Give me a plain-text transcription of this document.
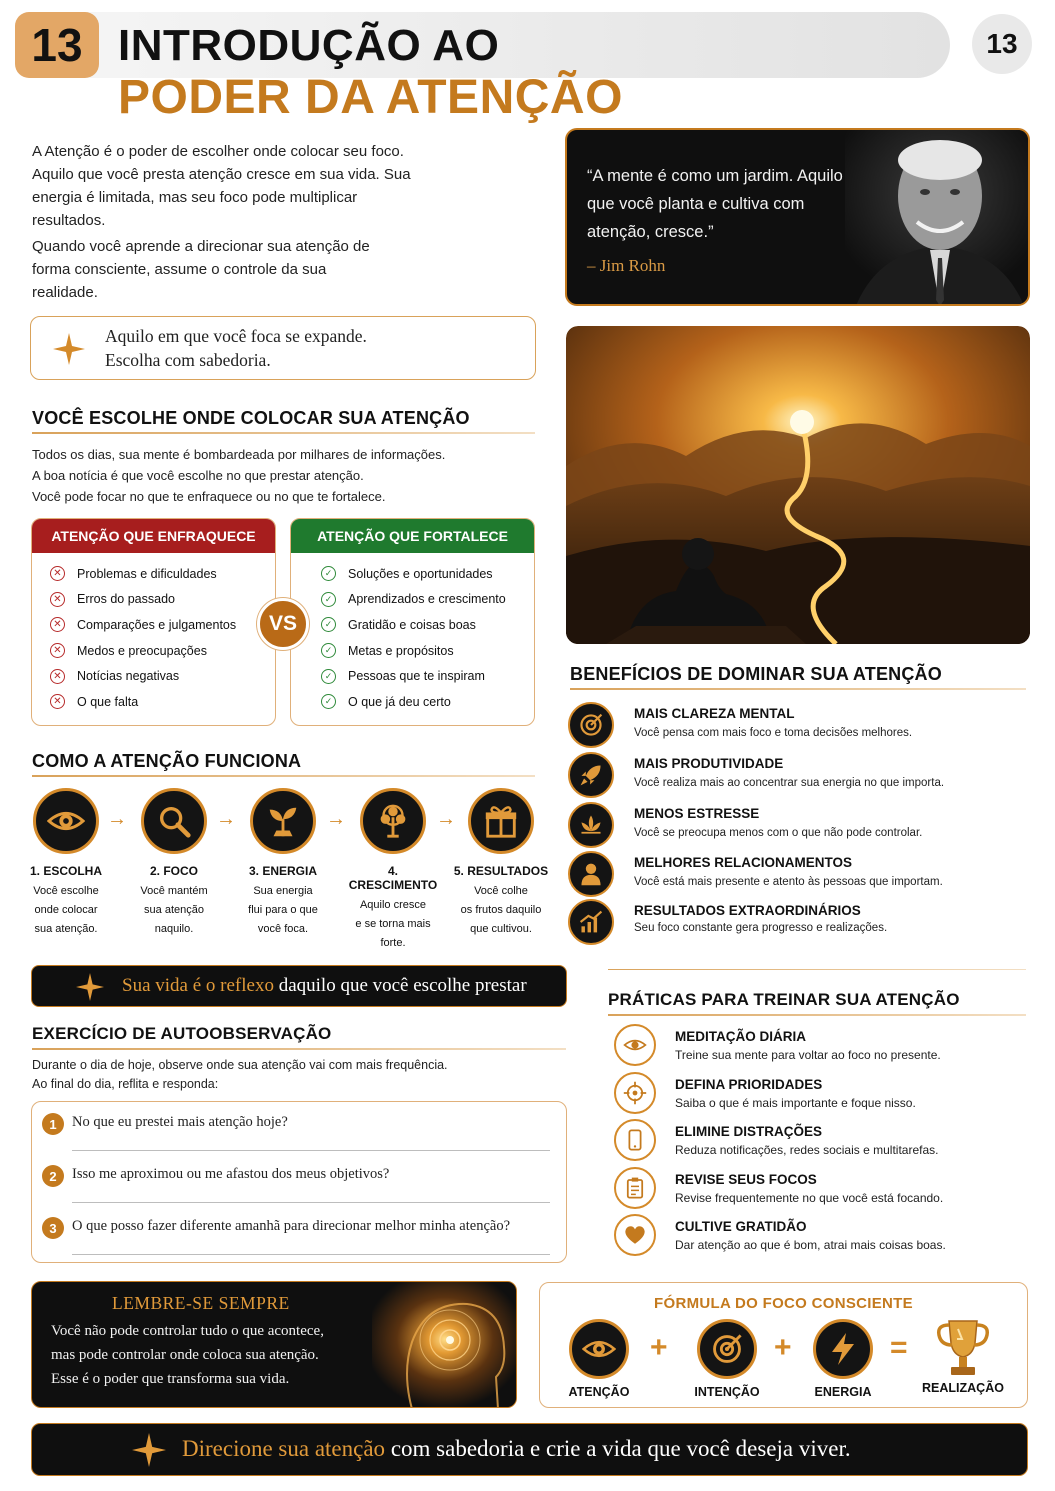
13 INTRODUÇÃO AO
PODER DA ATENÇÃO
13
A Atenção é o poder de escolher onde colocar seu foco. Aquilo que você presta atenção cresce em sua vida. Sua energia é limitada, mas seu foco pode multiplicar resultados.
Quando você aprende a direcionar sua atenção de forma consciente, assume o controle da sua realidade.
“A mente é como um jardim. Aquilo que você planta e cultiva com atenção, cresce.”
– Jim Rohn
Aquilo em que você foca se expande.
Escolha com sabedoria.
VOCÊ ESCOLHE ONDE COLOCAR SUA ATENÇÃO
Todos os dias, sua mente é bombardeada por milhares de informações.
A boa notícia é que você escolhe no que prestar atenção.
Você pode focar no que te enfraquece ou no que te fortalece.
ATENÇÃO QUE ENFRAQUECE
✕ Problemas e dificuldades
✕ Erros do passado
✕ Comparações e julgamentos
✕ Medos e preocupações
✕ Notícias negativas
✕ O que falta
ATENÇÃO QUE FORTALECE
✓ Soluções e oportunidades
✓ Aprendizados e crescimento
✓ Gratidão e coisas boas
✓ Metas e propósitos
✓ Pessoas que te inspiram
✓ O que já deu certo
VS
COMO A ATENÇÃO FUNCIONA
1. ESCOLHA
Você escolhe
onde colocar
sua atenção.
→
2. FOCO
Você mantém
sua atenção
naquilo.
→
3. ENERGIA
Sua energia
flui para o que
você foca.
→
4. CRESCIMENTO
Aquilo cresce
e se torna mais
forte.
→
5. RESULTADOS
Você colhe
os frutos daquilo
que cultivou.
BENEFÍCIOS DE DOMINAR SUA ATENÇÃO
MAIS CLAREZA MENTAL
Você pensa com mais foco e toma decisões melhores.
MAIS PRODUTIVIDADE
Você realiza mais ao concentrar sua energia no que importa.
MENOS ESTRESSE
Você se preocupa menos com o que não pode controlar.
MELHORES RELACIONAMENTOS
Você está mais presente e atento às pessoas que importam.
RESULTADOS EXTRAORDINÁRIOS
Seu foco constante gera progresso e realizações.
Sua vida é o reflexo daquilo que você escolhe prestar
EXERCÍCIO DE AUTOOBSERVAÇÃO
Durante o dia de hoje, observe onde sua atenção vai com mais frequência.
Ao final do dia, reflita e responda:
1	No que eu prestei mais atenção hoje?
2	Isso me aproximou ou me afastou dos meus objetivos?
3	O que posso fazer diferente amanhã para direcionar melhor minha atenção?
PRÁTICAS PARA TREINAR SUA ATENÇÃO
MEDITAÇÃO DIÁRIA
Treine sua mente para voltar ao foco no presente.
DEFINA PRIORIDADES
Saiba o que é mais importante e foque nisso.
ELIMINE DISTRAÇÕES
Reduza notificações, redes sociais e multitarefas.
REVISE SEUS FOCOS
Revise frequentemente no que você está focando.
CULTIVE GRATIDÃO
Dar atenção ao que é bom, atrai mais coisas boas.
LEMBRE-SE SEMPRE
Você não pode controlar tudo o que acontece,
mas pode controlar onde coloca sua atenção.
Esse é o poder que transforma sua vida.
FÓRMULA DO FOCO CONSCIENTE
ATENÇÃO
+
INTENÇÃO
+
ENERGIA
=
REALIZAÇÃO
Direcione sua atenção com sabedoria e crie a vida que você deseja viver.
